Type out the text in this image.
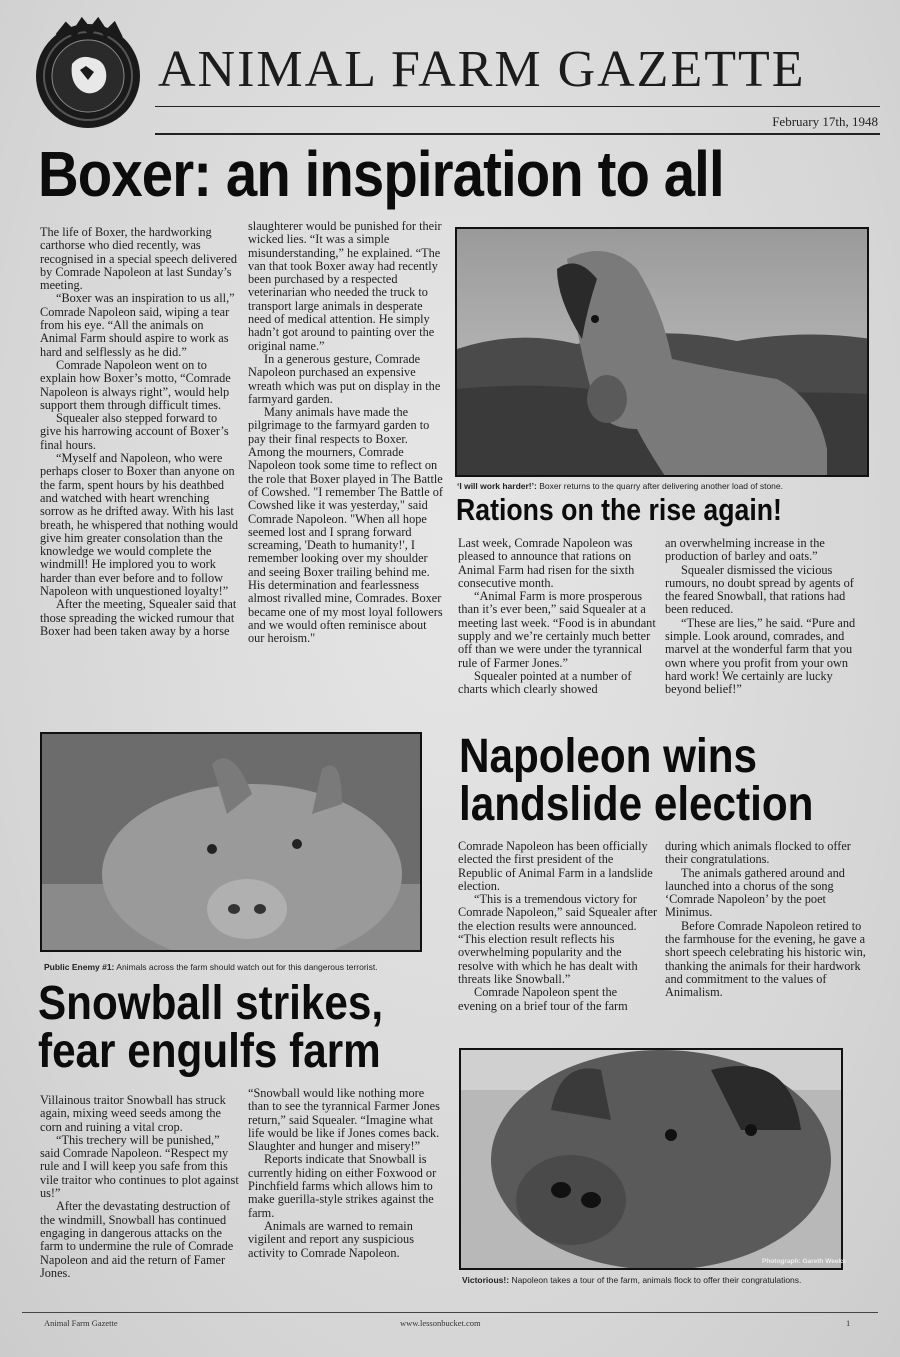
ANIMAL FARM GAZETTE
February 17th, 1948
Boxer: an inspiration to all

The life of Boxer, the hardworking carthorse who died recently, was recognised in a special speech delivered by Comrade Napoleon at last Sunday’s meeting.

“Boxer was an inspiration to us all,” Comrade Napoleon said, wiping a tear from his eye. “All the animals on Animal Farm should aspire to work as hard and selflessly as he did.”

Comrade Napoleon went on to explain how Boxer’s motto, “Comrade Napoleon is always right”, would help support them through difficult times.

Squealer also stepped forward to give his harrowing account of Boxer’s final hours.

“Myself and Napoleon, who were perhaps closer to Boxer than anyone on the farm, spent hours by his deathbed and watched with heart wrenching sorrow as he drifted away. With his last breath, he whispered that nothing would give him greater consolation than the knowledge we would complete the windmill! He implored you to work harder than ever before and to follow Napoleon with unquestioned loyalty!”

After the meeting, Squealer said that those spreading the wicked rumour that Boxer had been taken away by a horse

slaughterer would be punished for their wicked lies. “It was a simple misunderstanding,” he explained. “The van that took Boxer away had recently been purchased by a respected veterinarian who needed the truck to transport large animals in desperate need of medical attention. He simply hadn’t got around to painting over the original name.”

In a generous gesture, Comrade Napoleon purchased an expensive wreath which was put on display in the farmyard garden.

Many animals have made the pilgrimage to the farmyard garden to pay their final respects to Boxer. Among the mourners, Comrade Napoleon took some time to reflect on the role that Boxer played in The Battle of Cowshed. "I remember The Battle of Cowshed like it was yesterday," said Comrade Napoleon. "When all hope seemed lost and I sprang forward screaming, 'Death to humanity!', I remember looking over my shoulder and seeing Boxer trailing behind me. His determination and fearlessness almost rivalled mine, Comrades. Boxer became one of my most loyal followers and we would often reminisce about our heroism."

‘I will work harder!’: Boxer returns to the quarry after delivering another load of stone.
Rations on the rise again!

Last week, Comrade Napoleon was pleased to announce that rations on Animal Farm had risen for the sixth consecutive month.

“Animal Farm is more prosperous than it’s ever been,” said Squealer at a meeting last week. “Food is in abundant supply and we’re certainly much better off than we were under the tyrannical rule of Farmer Jones.”

Squealer pointed at a number of charts which clearly showed

an overwhelming increase in the production of barley and oats.”

Squealer dismissed the vicious rumours, no doubt spread by agents of the feared Snowball, that rations had been reduced.

“These are lies,” he said. “Pure and simple. Look around, comrades, and marvel at the wonderful farm that you own where you profit from your own hard work! We certainly are lucky beyond belief!”

Public Enemy #1: Animals across the farm should watch out for this dangerous terrorist.
Napoleon wins landslide election

Comrade Napoleon has been officially elected the first president of the Republic of Animal Farm in a landslide election.

“This is a tremendous victory for Comrade Napoleon,” said Squealer after the election results were announced. “This election result reflects his overwhelming popularity and the resolve with which he has dealt with threats like Snowball.”

Comrade Napoleon spent the evening on a brief tour of the farm

during which animals flocked to offer their congratulations.

The animals gathered around and launched into a chorus of the song ‘Comrade Napoleon’ by the poet Minimus.

Before Comrade Napoleon retired to the farmhouse for the evening, he gave a short speech celebrating his historic win, thanking the animals for their hardwork and commitment to the values of Animalism.

Photograph: Gareth Weeks
Victorious!: Napoleon takes a tour of the farm, animals flock to offer their congratulations.
Snowball strikes, fear engulfs farm

Villainous traitor Snowball has struck again, mixing weed seeds among the corn and ruining a vital crop.

“This trechery will be punished,” said Comrade Napoleon. “Respect my rule and I will keep you safe from this vile traitor who continues to plot against us!”

After the devastating destruction of the windmill, Snowball has continued engaging in dangerous attacks on the farm to undermine the rule of Comrade Napoleon and aid the return of Famer Jones.

“Snowball would like nothing more than to see the tyrannical Farmer Jones return,” said Squealer. “Imagine what life would be like if Jones comes back. Slaughter and hunger and misery!”

Reports indicate that Snowball is currently hiding on either Foxwood or Pinchfield farms which allows him to make guerilla-style strikes against the farm.

Animals are warned to remain vigilent and report any suspicious activity to Comrade Napoleon.

Animal Farm Gazette	www.lessonbucket.com	1
